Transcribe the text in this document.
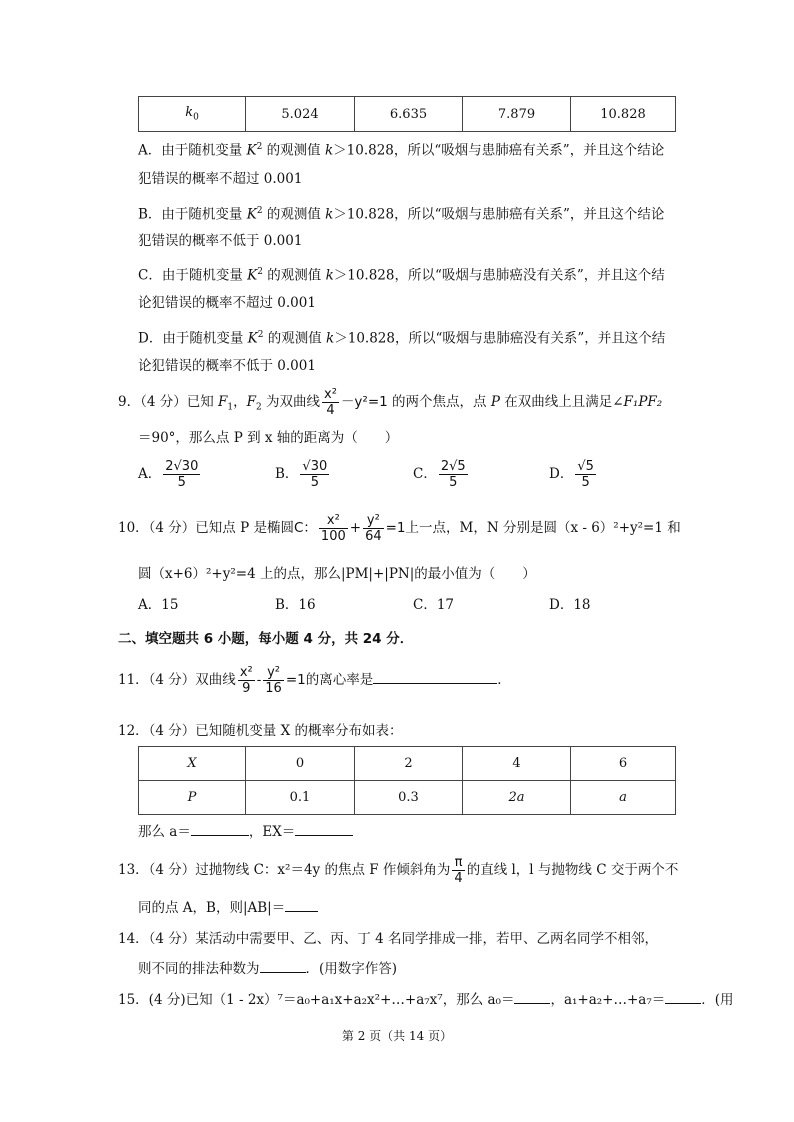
$k_0$	5.024	6.635	7.879	10.828
A．由于随机变量 $K^2$ 的观测值 k＞10.828，所以“吸烟与患肺癌有关系”，并且这个结论
犯错误的概率不超过 0.001
B．由于随机变量 $K^2$ 的观测值 k＞10.828，所以“吸烟与患肺癌有关系”，并且这个结论
犯错误的概率不低于 0.001
C．由于随机变量 $K^2$ 的观测值 k＞10.828，所以“吸烟与患肺癌没有关系”，并且这个结
论犯错误的概率不超过 0.001
D．由于随机变量 $K^2$ 的观测值 k＞10.828，所以“吸烟与患肺癌没有关系”，并且这个结
论犯错误的概率不低于 0.001
9．（4 分）已知 $F_1$，$F_2$ 为双曲线 $\frac{\text{x²}}{4} -y^2=1$ 的两个焦点，点 P 在双曲线上且满足∠F₁PF₂
＝90°，那么点 P 到 x 轴的距离为（　　）
A． $\frac{2√30}{5}$	B． $\frac{√30}{5}$	C． $\frac{2√5}{5}$	D． $\frac{√5}{5}$
10．（4 分）已知点 P 是椭圆C： $\frac{\text{x²}}{100} + \frac{\text{y²}}{64} =1$上一点，M，N 分别是圆（x - 6）²+y²=1 和
圆（x+6）²+y²=4 上的点，那么|PM|+|PN|的最小值为（　　）
A．15	B．16	C．17	D．18
二、填空题共 6 小题，每小题 4 分，共 24 分．
11．（4 分）双曲线 $\frac{\text{x²}}{9} - \frac{\text{y²}}{16} =1$的离心率是	．
12．（4 分）已知随机变量 X 的概率分布如表：
X	0	2	4	6
P	0.1	0.3	2a	a
那么 a＝	，EX＝
13．（4 分）过抛物线 C：x²＝4y 的焦点 F 作倾斜角为 $\frac{\pi}{4}$ 的直线 l，l 与抛物线 C 交于两个不
同的点 A，B，则|AB|＝
14．（4 分）某活动中需要甲、乙、丙、丁 4 名同学排成一排，若甲、乙两名同学不相邻，
则不同的排法种数为	．(用数字作答)
15．(4 分)已知（1 - 2x）⁷＝a₀+a₁x+a₂x²+…+a₇x⁷，那么 a₀＝	，a₁+a₂+…+a₇＝	．(用
第 2 页（共 14 页）
